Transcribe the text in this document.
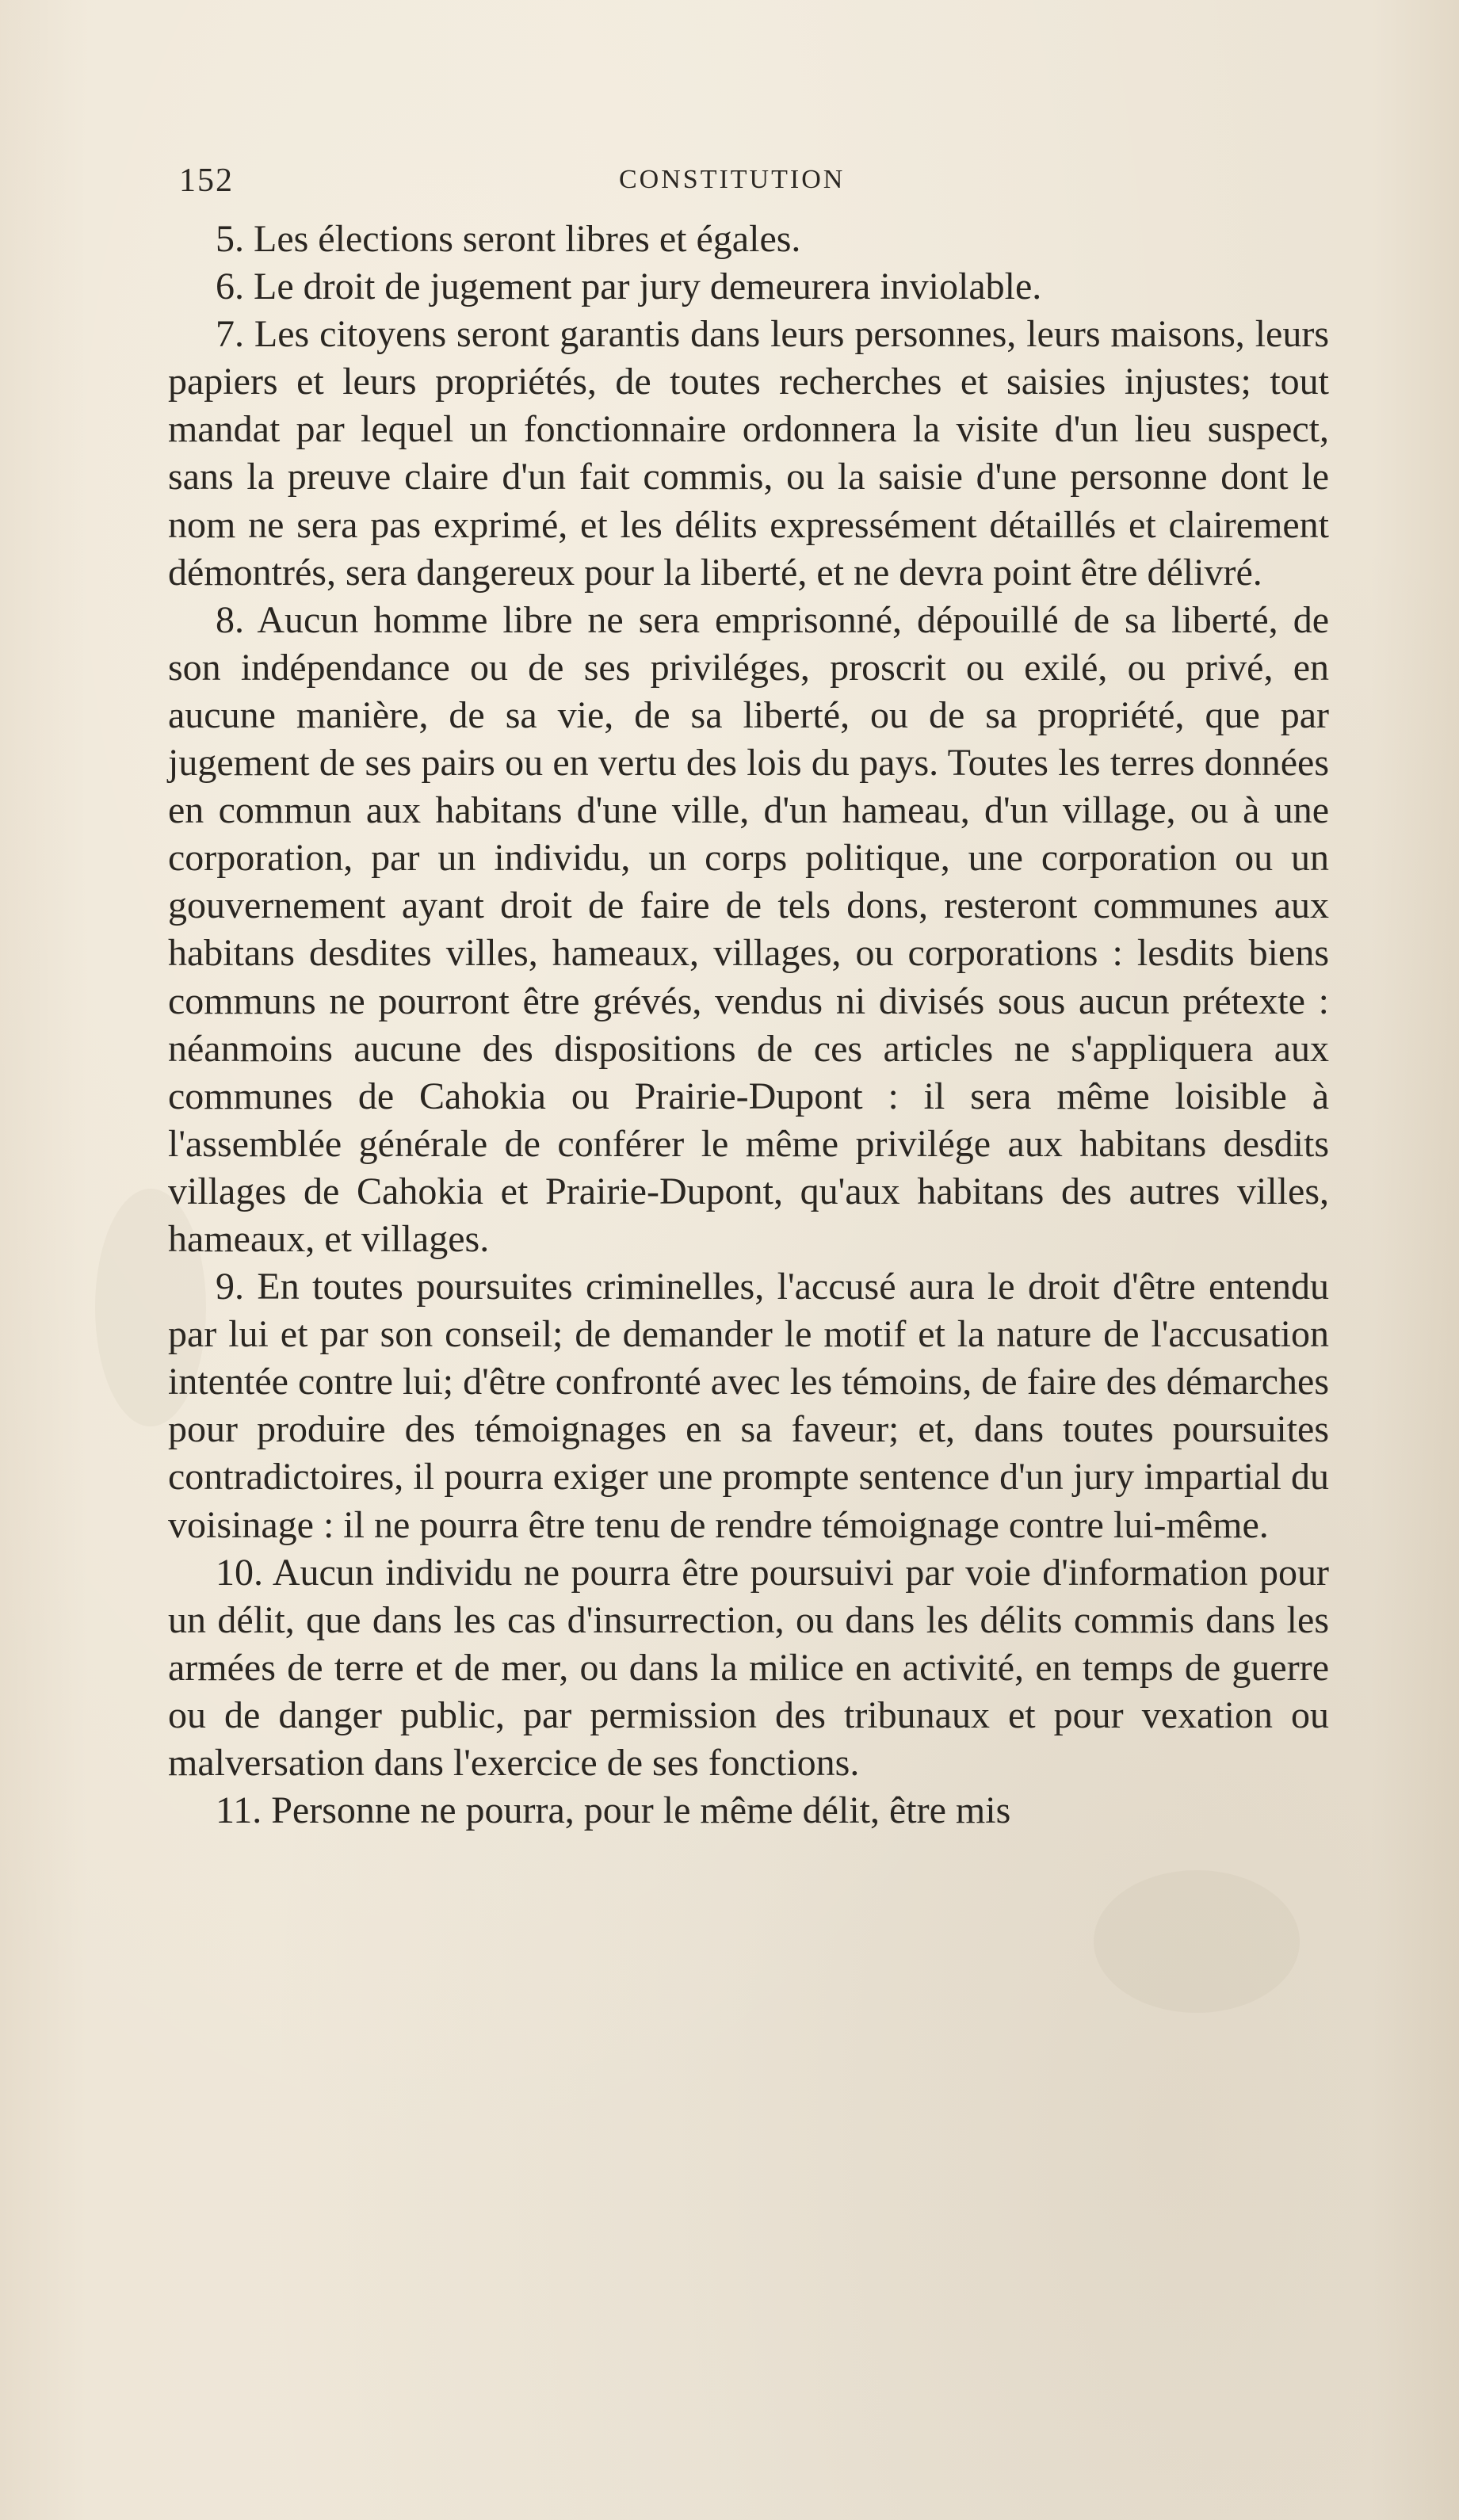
152	CONSTITUTION

5. Les élections seront libres et égales.

6. Le droit de jugement par jury demeurera inviolable.

7. Les citoyens seront garantis dans leurs personnes, leurs maisons, leurs papiers et leurs propriétés, de toutes recherches et saisies injustes; tout mandat par lequel un fonctionnaire ordonnera la visite d'un lieu suspect, sans la preuve claire d'un fait commis, ou la saisie d'une personne dont le nom ne sera pas exprimé, et les délits expressément détaillés et clairement démontrés, sera dangereux pour la liberté, et ne devra point être délivré.

8. Aucun homme libre ne sera emprisonné, dépouillé de sa liberté, de son indépendance ou de ses priviléges, proscrit ou exilé, ou privé, en aucune manière, de sa vie, de sa liberté, ou de sa propriété, que par jugement de ses pairs ou en vertu des lois du pays. Toutes les terres données en commun aux habitans d'une ville, d'un hameau, d'un village, ou à une corporation, par un individu, un corps politique, une corporation ou un gouvernement ayant droit de faire de tels dons, resteront communes aux habitans desdites villes, hameaux, villages, ou corporations : lesdits biens communs ne pourront être grévés, vendus ni divisés sous aucun prétexte : néanmoins aucune des dispositions de ces articles ne s'appliquera aux communes de Cahokia ou Prairie-Dupont : il sera même loisible à l'assemblée générale de conférer le même privilége aux habitans desdits villages de Cahokia et Prairie-Dupont, qu'aux habitans des autres villes, hameaux, et villages.

9. En toutes poursuites criminelles, l'accusé aura le droit d'être entendu par lui et par son conseil; de demander le motif et la nature de l'accusation intentée contre lui; d'être confronté avec les témoins, de faire des démarches pour produire des témoignages en sa faveur; et, dans toutes poursuites contradictoires, il pourra exiger une prompte sentence d'un jury impartial du voisinage : il ne pourra être tenu de rendre témoignage contre lui-même.

10. Aucun individu ne pourra être poursuivi par voie d'information pour un délit, que dans les cas d'insurrection, ou dans les délits commis dans les armées de terre et de mer, ou dans la milice en activité, en temps de guerre ou de danger public, par permission des tribunaux et pour vexation ou malversation dans l'exercice de ses fonctions.

11. Personne ne pourra, pour le même délit, être mis
